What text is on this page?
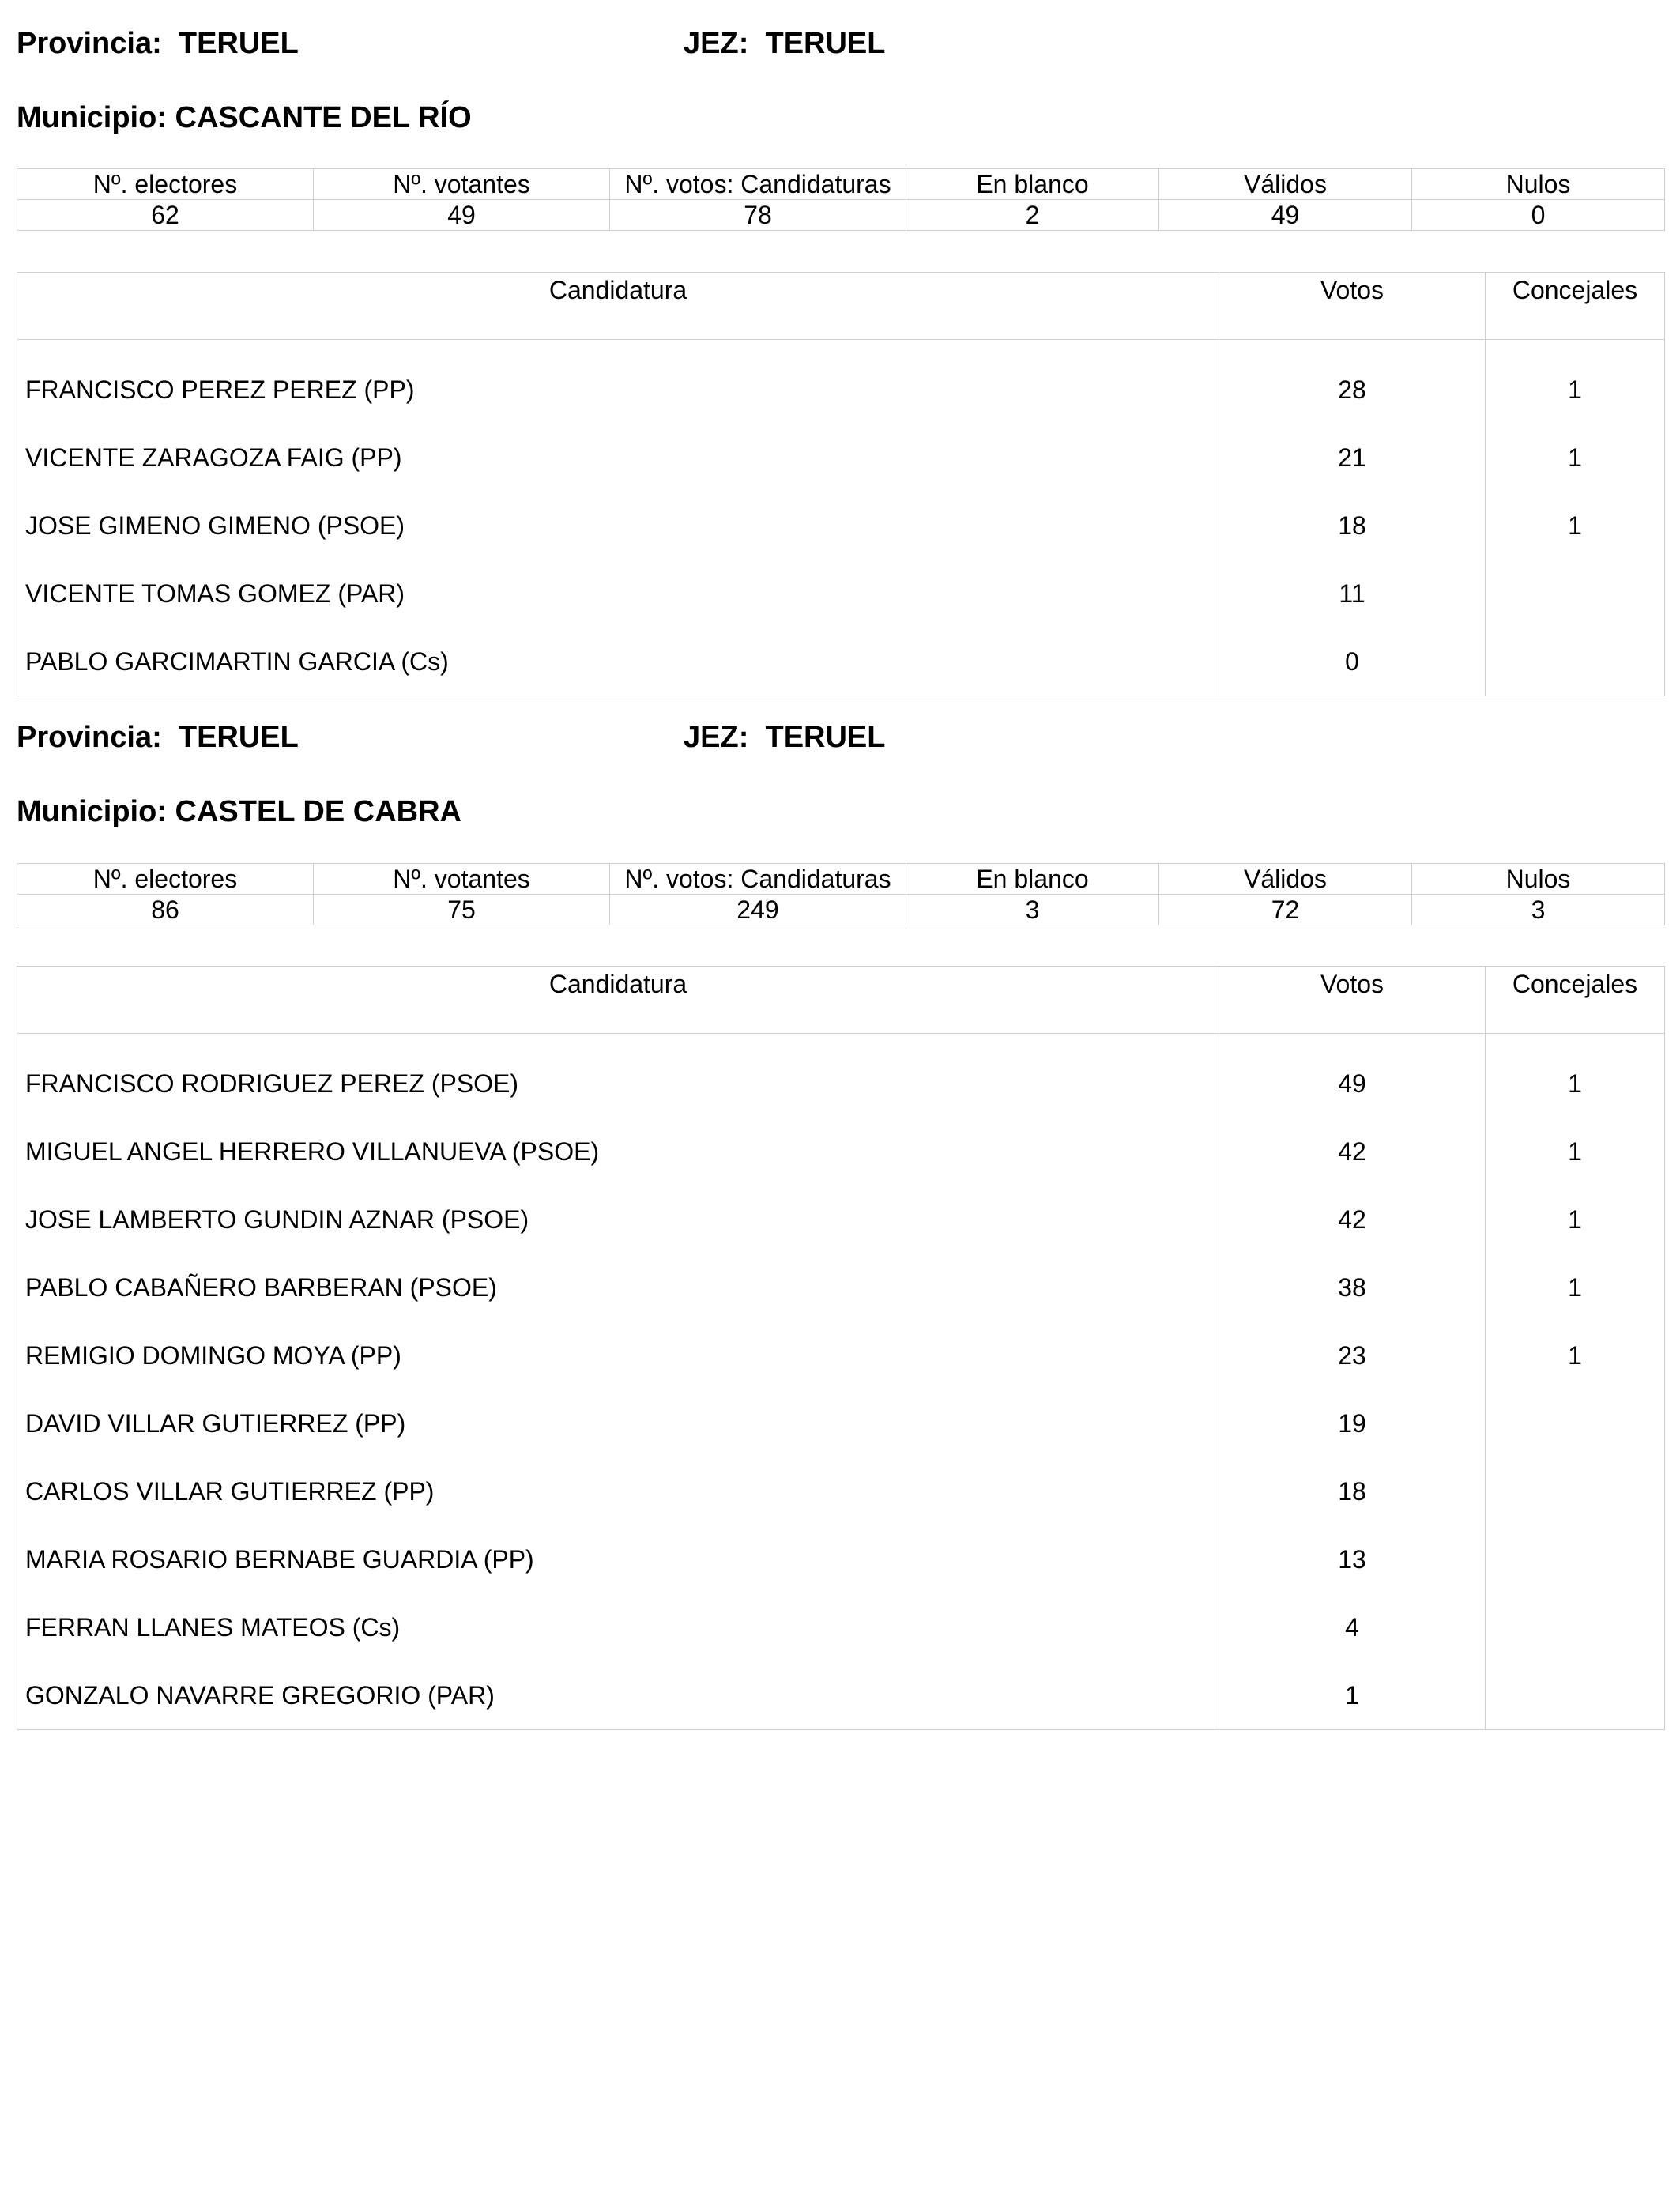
Provincia: TERUEL	JEZ: TERUEL
Municipio: CASCANTE DEL RÍO
Nº. electores	Nº. votantes	Nº. votos: Candidaturas	En blanco	Válidos	Nulos
62	49	78	2	49	0
Candidatura	Votos	Concejales

FRANCISCO PEREZ PEREZ (PP)	28	1
VICENTE ZARAGOZA FAIG (PP)	21	1
JOSE GIMENO GIMENO (PSOE)	18	1
VICENTE TOMAS GOMEZ (PAR)	11	
PABLO GARCIMARTIN GARCIA (Cs)	0	
Provincia: TERUEL	JEZ: TERUEL
Municipio: CASTEL DE CABRA
Nº. electores	Nº. votantes	Nº. votos: Candidaturas	En blanco	Válidos	Nulos
86	75	249	3	72	3
Candidatura	Votos	Concejales

FRANCISCO RODRIGUEZ PEREZ (PSOE)	49	1
MIGUEL ANGEL HERRERO VILLANUEVA (PSOE)	42	1
JOSE LAMBERTO GUNDIN AZNAR (PSOE)	42	1
PABLO CABAÑERO BARBERAN (PSOE)	38	1
REMIGIO DOMINGO MOYA (PP)	23	1
DAVID VILLAR GUTIERREZ (PP)	19	
CARLOS VILLAR GUTIERREZ (PP)	18	
MARIA ROSARIO BERNABE GUARDIA (PP)	13	
FERRAN LLANES MATEOS (Cs)	4	
GONZALO NAVARRE GREGORIO (PAR)	1	
